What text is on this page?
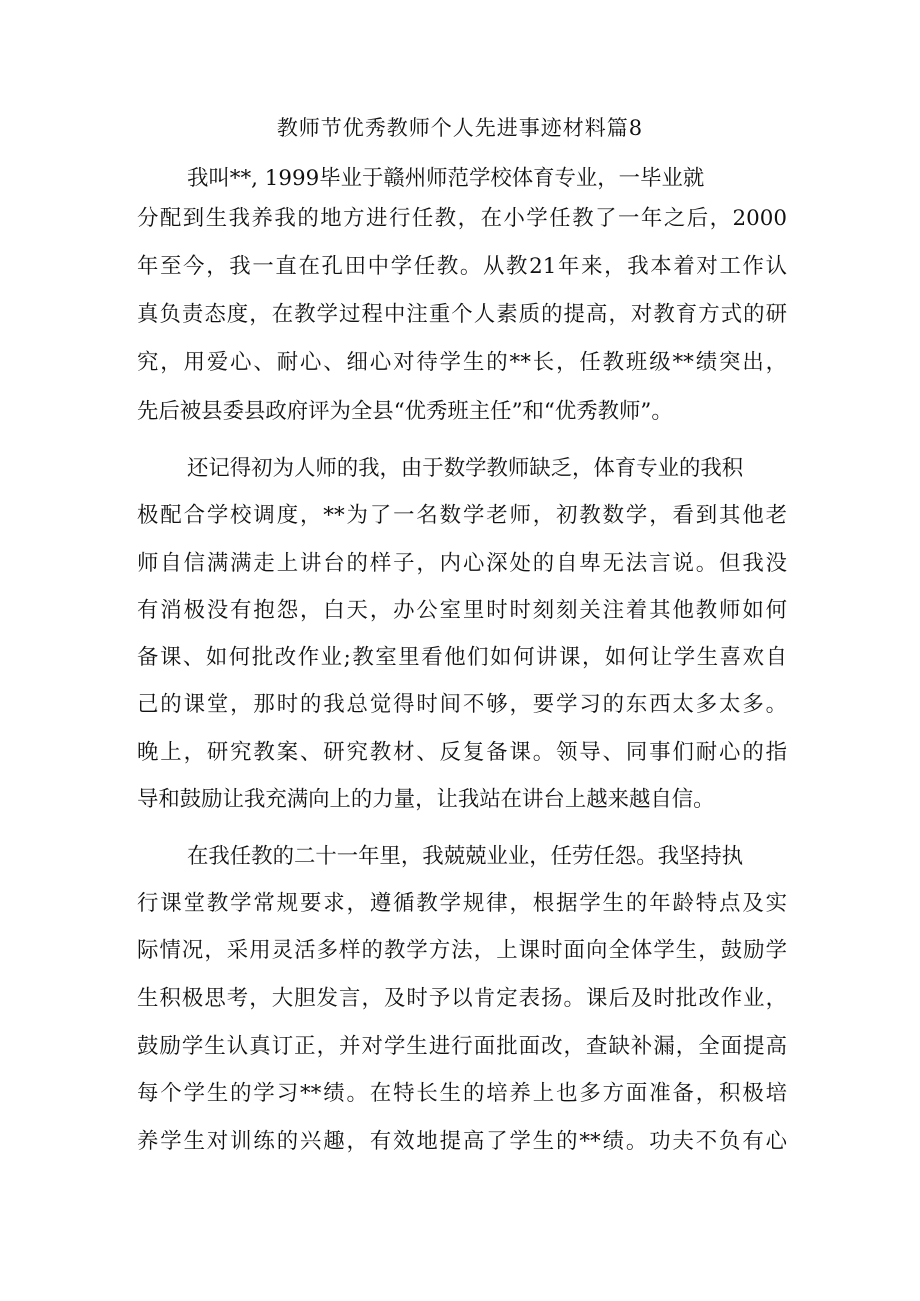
教师节优秀教师个人先进事迹材料篇8
我叫**, 1999毕业于赣州师范学校体育专业，一毕业就
分配到生我养我的地方进行任教，在小学任教了一年之后，2000
年至今，我一直在孔田中学任教。从教21年来，我本着对工作认
真负责态度，在教学过程中注重个人素质的提高，对教育方式的研
究，用爱心、耐心、细心对待学生的**长，任教班级**绩突出，
先后被县委县政府评为全县“优秀班主任”和“优秀教师”。
还记得初为人师的我，由于数学教师缺乏，体育专业的我积
极配合学校调度，**为了一名数学老师，初教数学，看到其他老
师自信满满走上讲台的样子，内心深处的自卑无法言说。但我没
有消极没有抱怨，白天，办公室里时时刻刻关注着其他教师如何
备课、如何批改作业;教室里看他们如何讲课，如何让学生喜欢自
己的课堂，那时的我总觉得时间不够，要学习的东西太多太多。
晚上，研究教案、研究教材、反复备课。领导、同事们耐心的指
导和鼓励让我充满向上的力量，让我站在讲台上越来越自信。
在我任教的二十一年里，我兢兢业业，任劳任怨。我坚持执
行课堂教学常规要求，遵循教学规律，根据学生的年龄特点及实
际情况，采用灵活多样的教学方法，上课时面向全体学生，鼓励学
生积极思考，大胆发言，及时予以肯定表扬。课后及时批改作业，
鼓励学生认真订正，并对学生进行面批面改，查缺补漏，全面提高
每个学生的学习**绩。在特长生的培养上也多方面准备，积极培
养学生对训练的兴趣，有效地提高了学生的**绩。功夫不负有心
